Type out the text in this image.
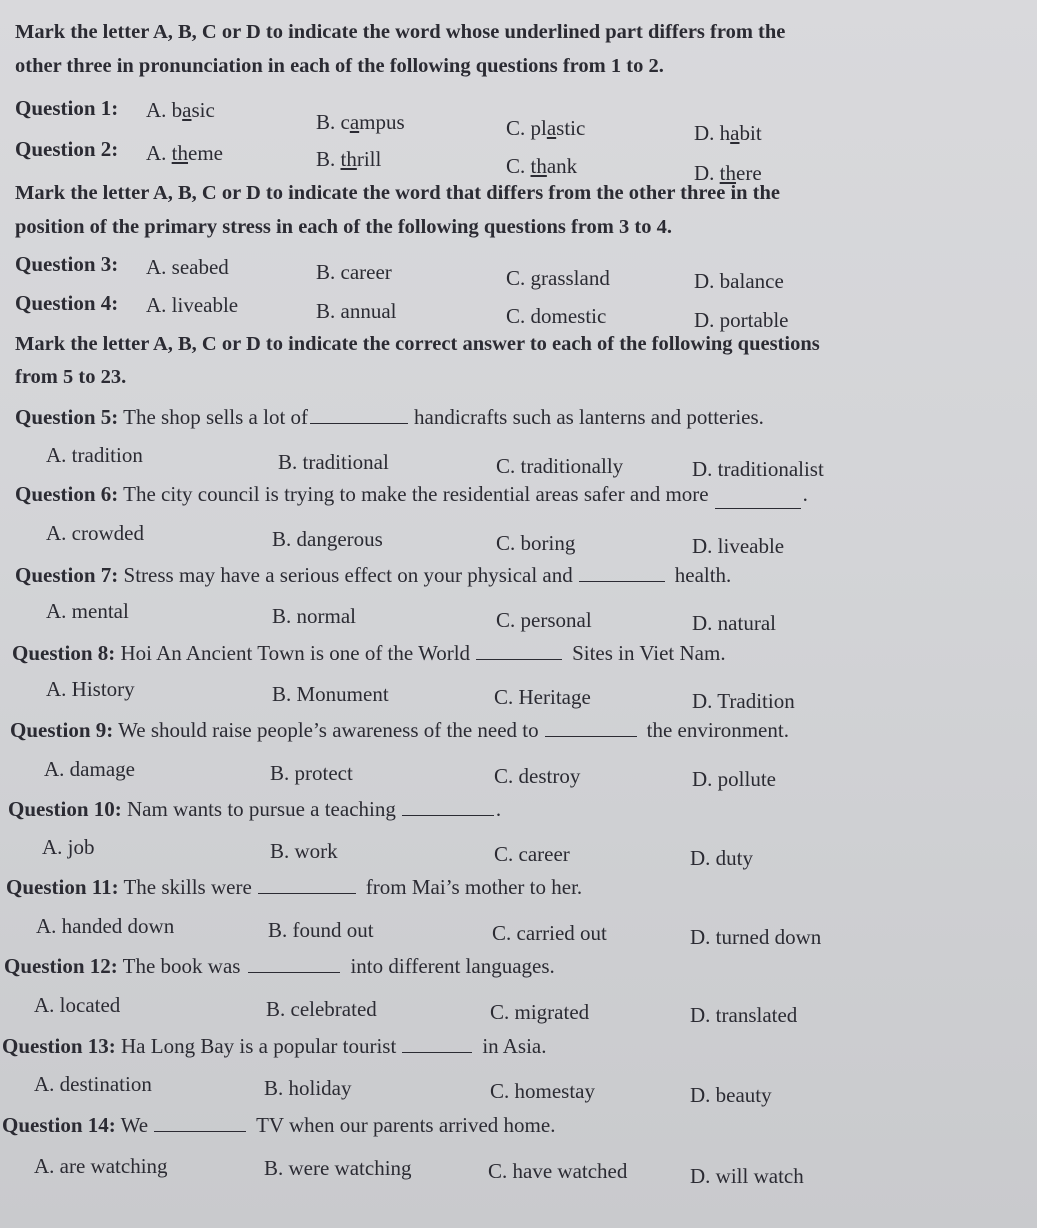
Mark the letter A, B, C or D to indicate the word whose underlined part differs from the
other three in pronunciation in each of the following questions from 1 to 2.
Question 1: A. basic	B. campus	C. plastic	D. habit
Question 2: A. theme	B. thrill	C. thank	D. there
Mark the letter A, B, C or D to indicate the word that differs from the other three in the
position of the primary stress in each of the following questions from 3 to 4.
Question 3: A. seabed	B. career	C. grassland	D. balance
Question 4: A. liveable	B. annual	C. domestic	D. portable
Mark the letter A, B, C or D to indicate the correct answer to each of the following questions
from 5 to 23.
Question 5: The shop sells a lot of	handicrafts such as lanterns and potteries.
A. tradition	B. traditional	C. traditionally	D. traditionalist
Question 6: The city council is trying to make the residential areas safer and more	.
A. crowded	B. dangerous	C. boring	D. liveable
Question 7: Stress may have a serious effect on your physical and	health.
A. mental	B. normal	C. personal	D. natural
Question 8: Hoi An Ancient Town is one of the World	Sites in Viet Nam.
A. History	B. Monument	C. Heritage	D. Tradition
Question 9: We should raise people’s awareness of the need to	the environment.
A. damage	B. protect	C. destroy	D. pollute
Question 10: Nam wants to pursue a teaching	.
A. job	B. work	C. career	D. duty
Question 11: The skills were	from Mai’s mother to her.
A. handed down	B. found out	C. carried out	D. turned down
Question 12: The book was	into different languages.
A. located	B. celebrated	C. migrated	D. translated
Question 13: Ha Long Bay is a popular tourist	in Asia.
A. destination	B. holiday	C. homestay	D. beauty
Question 14: We	TV when our parents arrived home.
A. are watching	B. were watching	C. have watched	D. will watch
